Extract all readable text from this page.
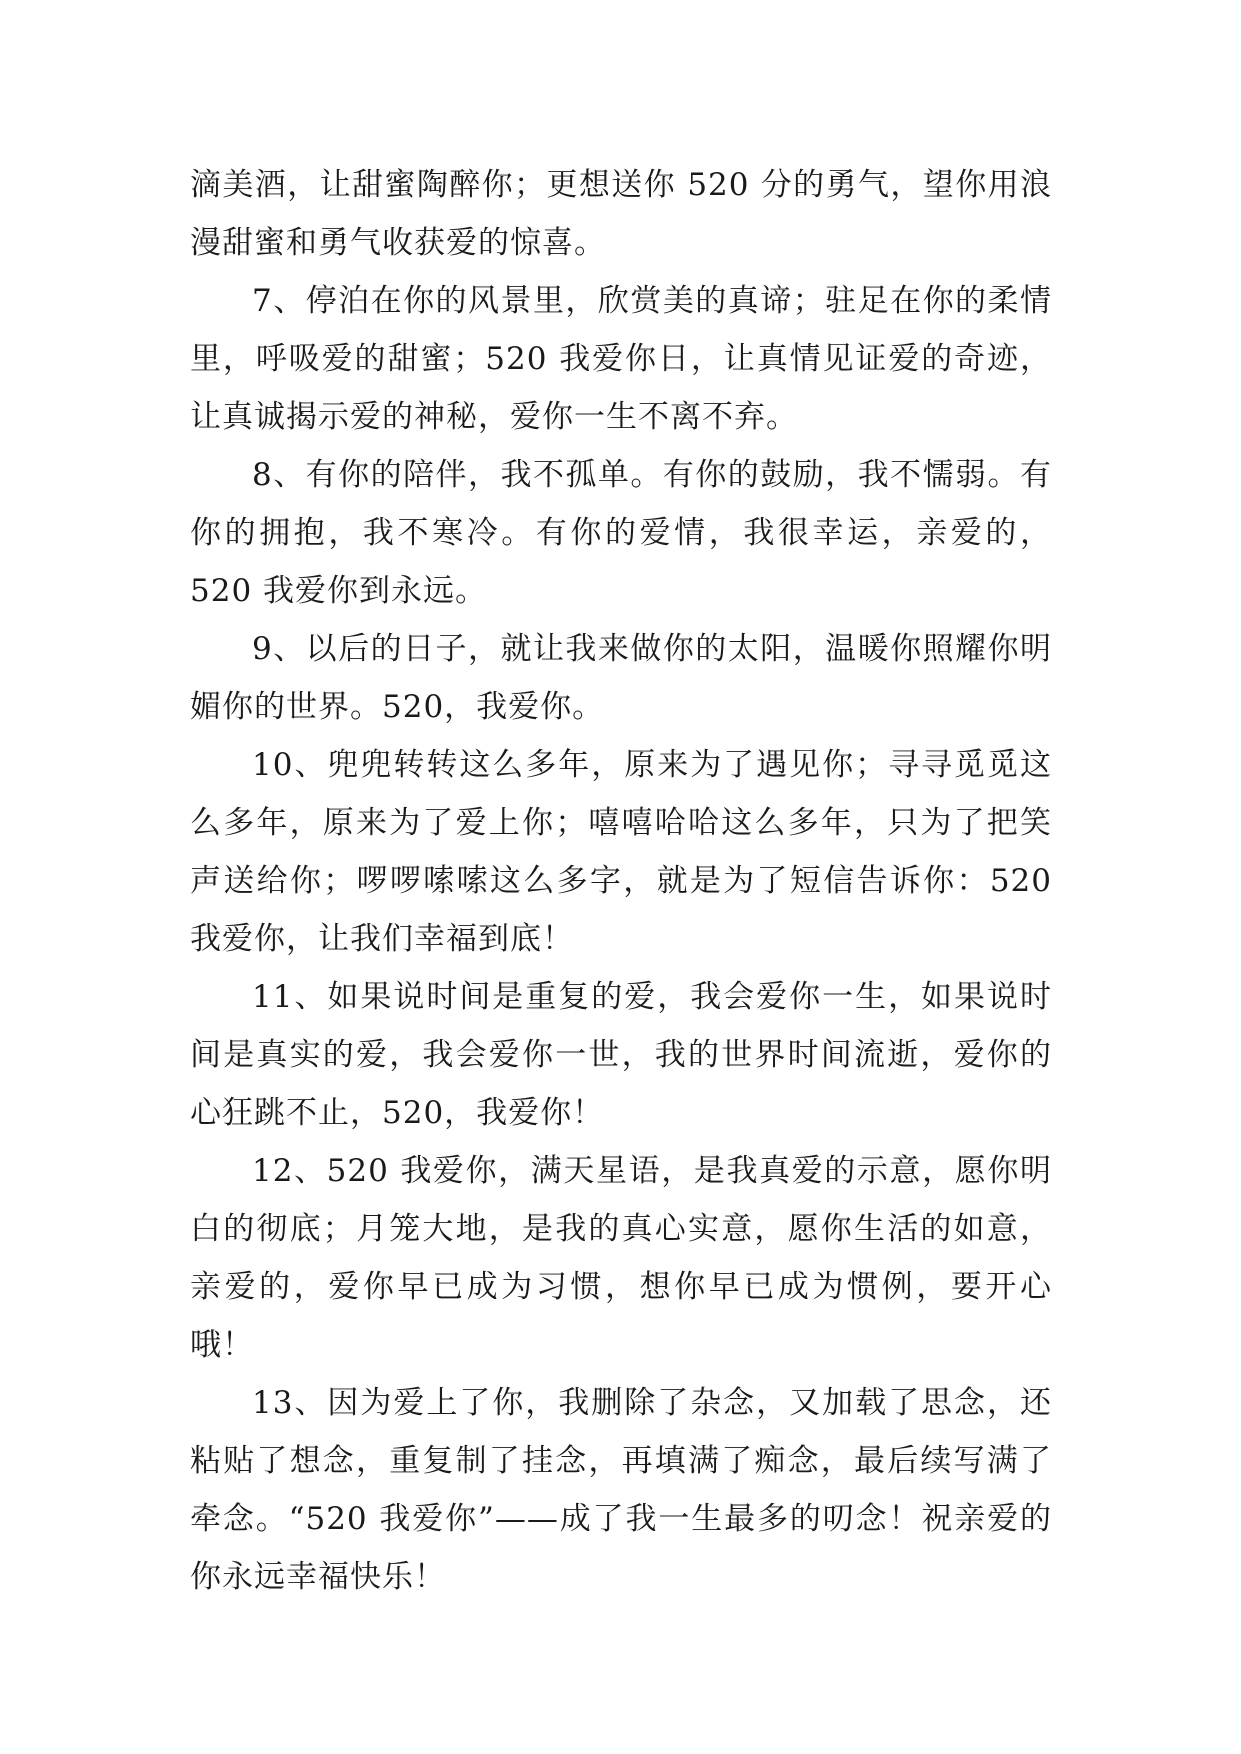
滴美酒，让甜蜜陶醉你；更想送你 520 分的勇气，望你用浪漫甜蜜和勇气收获爱的惊喜。

7、停泊在你的风景里，欣赏美的真谛；驻足在你的柔情里，呼吸爱的甜蜜；520 我爱你日，让真情见证爱的奇迹，让真诚揭示爱的神秘，爱你一生不离不弃。

8、有你的陪伴，我不孤单。有你的鼓励，我不懦弱。有你的拥抱，我不寒冷。有你的爱情，我很幸运，亲爱的，520 我爱你到永远。

9、以后的日子，就让我来做你的太阳，温暖你照耀你明媚你的世界。520，我爱你。

10、兜兜转转这么多年，原来为了遇见你；寻寻觅觅这么多年，原来为了爱上你；嘻嘻哈哈这么多年，只为了把笑声送给你；啰啰嗦嗦这么多字，就是为了短信告诉你：520 我爱你，让我们幸福到底！

11、如果说时间是重复的爱，我会爱你一生，如果说时间是真实的爱，我会爱你一世，我的世界时间流逝，爱你的心狂跳不止，520，我爱你！

12、520 我爱你，满天星语，是我真爱的示意，愿你明白的彻底；月笼大地，是我的真心实意，愿你生活的如意，亲爱的，爱你早已成为习惯，想你早已成为惯例，要开心哦！

13、因为爱上了你，我删除了杂念，又加载了思念，还粘贴了想念，重复制了挂念，再填满了痴念，最后续写满了牵念。“520 我爱你”——成了我一生最多的叨念！祝亲爱的你永远幸福快乐！
